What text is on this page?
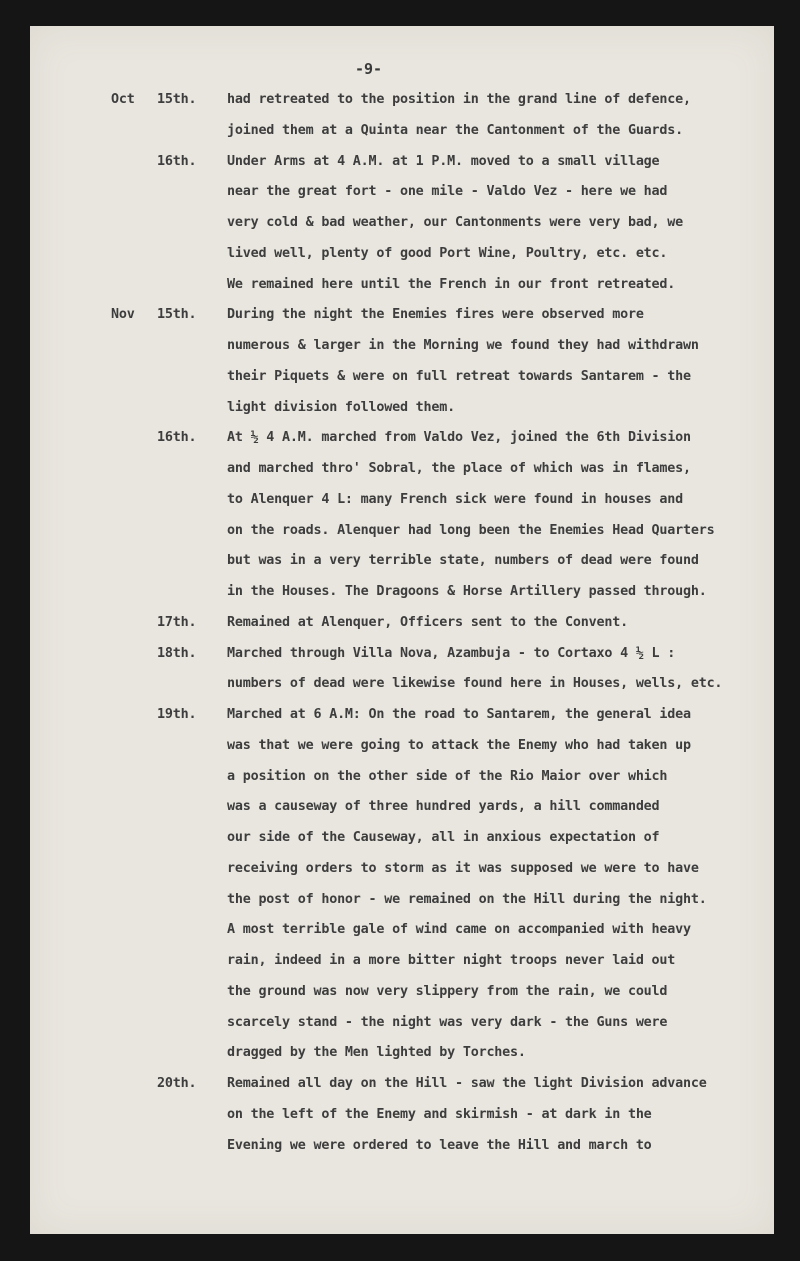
-9-
Oct	15th.	had retreated to the position in the grand line of defence,
joined them at a Quinta near the Cantonment of the Guards.
16th.	Under Arms at 4 A.M. at 1 P.M. moved to a small village
near the great fort - one mile - Valdo Vez - here we had
very cold & bad weather, our Cantonments were very bad, we
lived well, plenty of good Port Wine, Poultry, etc. etc.
We remained here until the French in our front retreated.
Nov	15th.	During the night the Enemies fires were observed more
numerous & larger in the Morning we found they had withdrawn
their Piquets & were on full retreat towards Santarem - the
light division followed them.
16th.	At ½ 4 A.M. marched from Valdo Vez, joined the 6th Division
and marched thro' Sobral, the place of which was in flames,
to Alenquer 4 L: many French sick were found in houses and
on the roads. Alenquer had long been the Enemies Head Quarters
but was in a very terrible state, numbers of dead were found
in the Houses. The Dragoons & Horse Artillery passed through.
17th.	Remained at Alenquer, Officers sent to the Convent.
18th.	Marched through Villa Nova, Azambuja - to Cortaxo 4 ½ L :
numbers of dead were likewise found here in Houses, wells, etc.
19th.	Marched at 6 A.M: On the road to Santarem, the general idea
was that we were going to attack the Enemy who had taken up
a position on the other side of the Rio Maior over which
was a causeway of three hundred yards, a hill commanded
our side of the Causeway, all in anxious expectation of
receiving orders to storm as it was supposed we were to have
the post of honor - we remained on the Hill during the night.
A most terrible gale of wind came on accompanied with heavy
rain, indeed in a more bitter night troops never laid out
the ground was now very slippery from the rain, we could
scarcely stand - the night was very dark - the Guns were
dragged by the Men lighted by Torches.
20th.	Remained all day on the Hill - saw the light Division advance
on the left of the Enemy and skirmish - at dark in the
Evening we were ordered to leave the Hill and march to
